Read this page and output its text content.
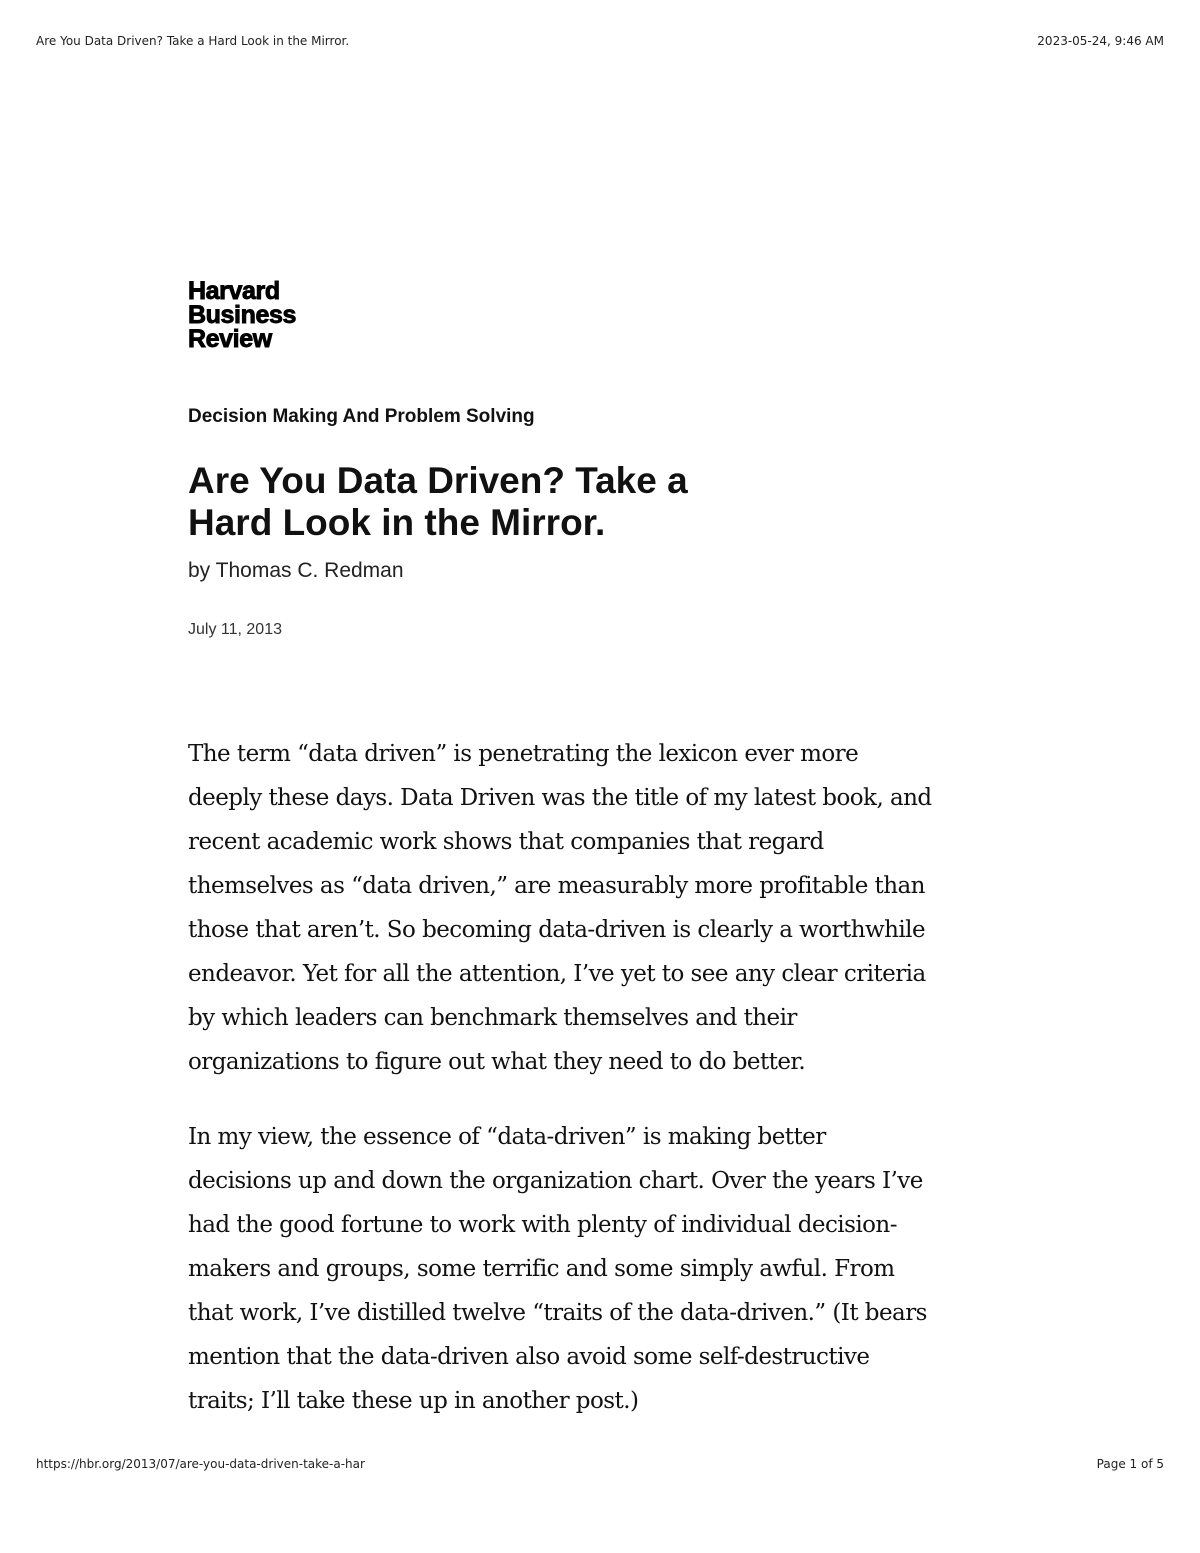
Are You Data Driven? Take a Hard Look in the Mirror.	2023-05-24, 9:46 AM
Harvard
Business
Review
Decision Making And Problem Solving
Are You Data Driven? Take a
Hard Look in the Mirror.
by Thomas C. Redman
July 11, 2013
The term “data driven” is penetrating the lexicon ever more
deeply these days. Data Driven was the title of my latest book, and
recent academic work shows that companies that regard
themselves as “data driven,” are measurably more profitable than
those that aren’t. So becoming data-driven is clearly a worthwhile
endeavor. Yet for all the attention, I’ve yet to see any clear criteria
by which leaders can benchmark themselves and their
organizations to figure out what they need to do better.
In my view, the essence of “data-driven” is making better
decisions up and down the organization chart. Over the years I’ve
had the good fortune to work with plenty of individual decision-
makers and groups, some terrific and some simply awful. From
that work, I’ve distilled twelve “traits of the data-driven.” (It bears
mention that the data-driven also avoid some self-destructive
traits; I’ll take these up in another post.)
https://hbr.org/2013/07/are-you-data-driven-take-a-har	Page 1 of 5
